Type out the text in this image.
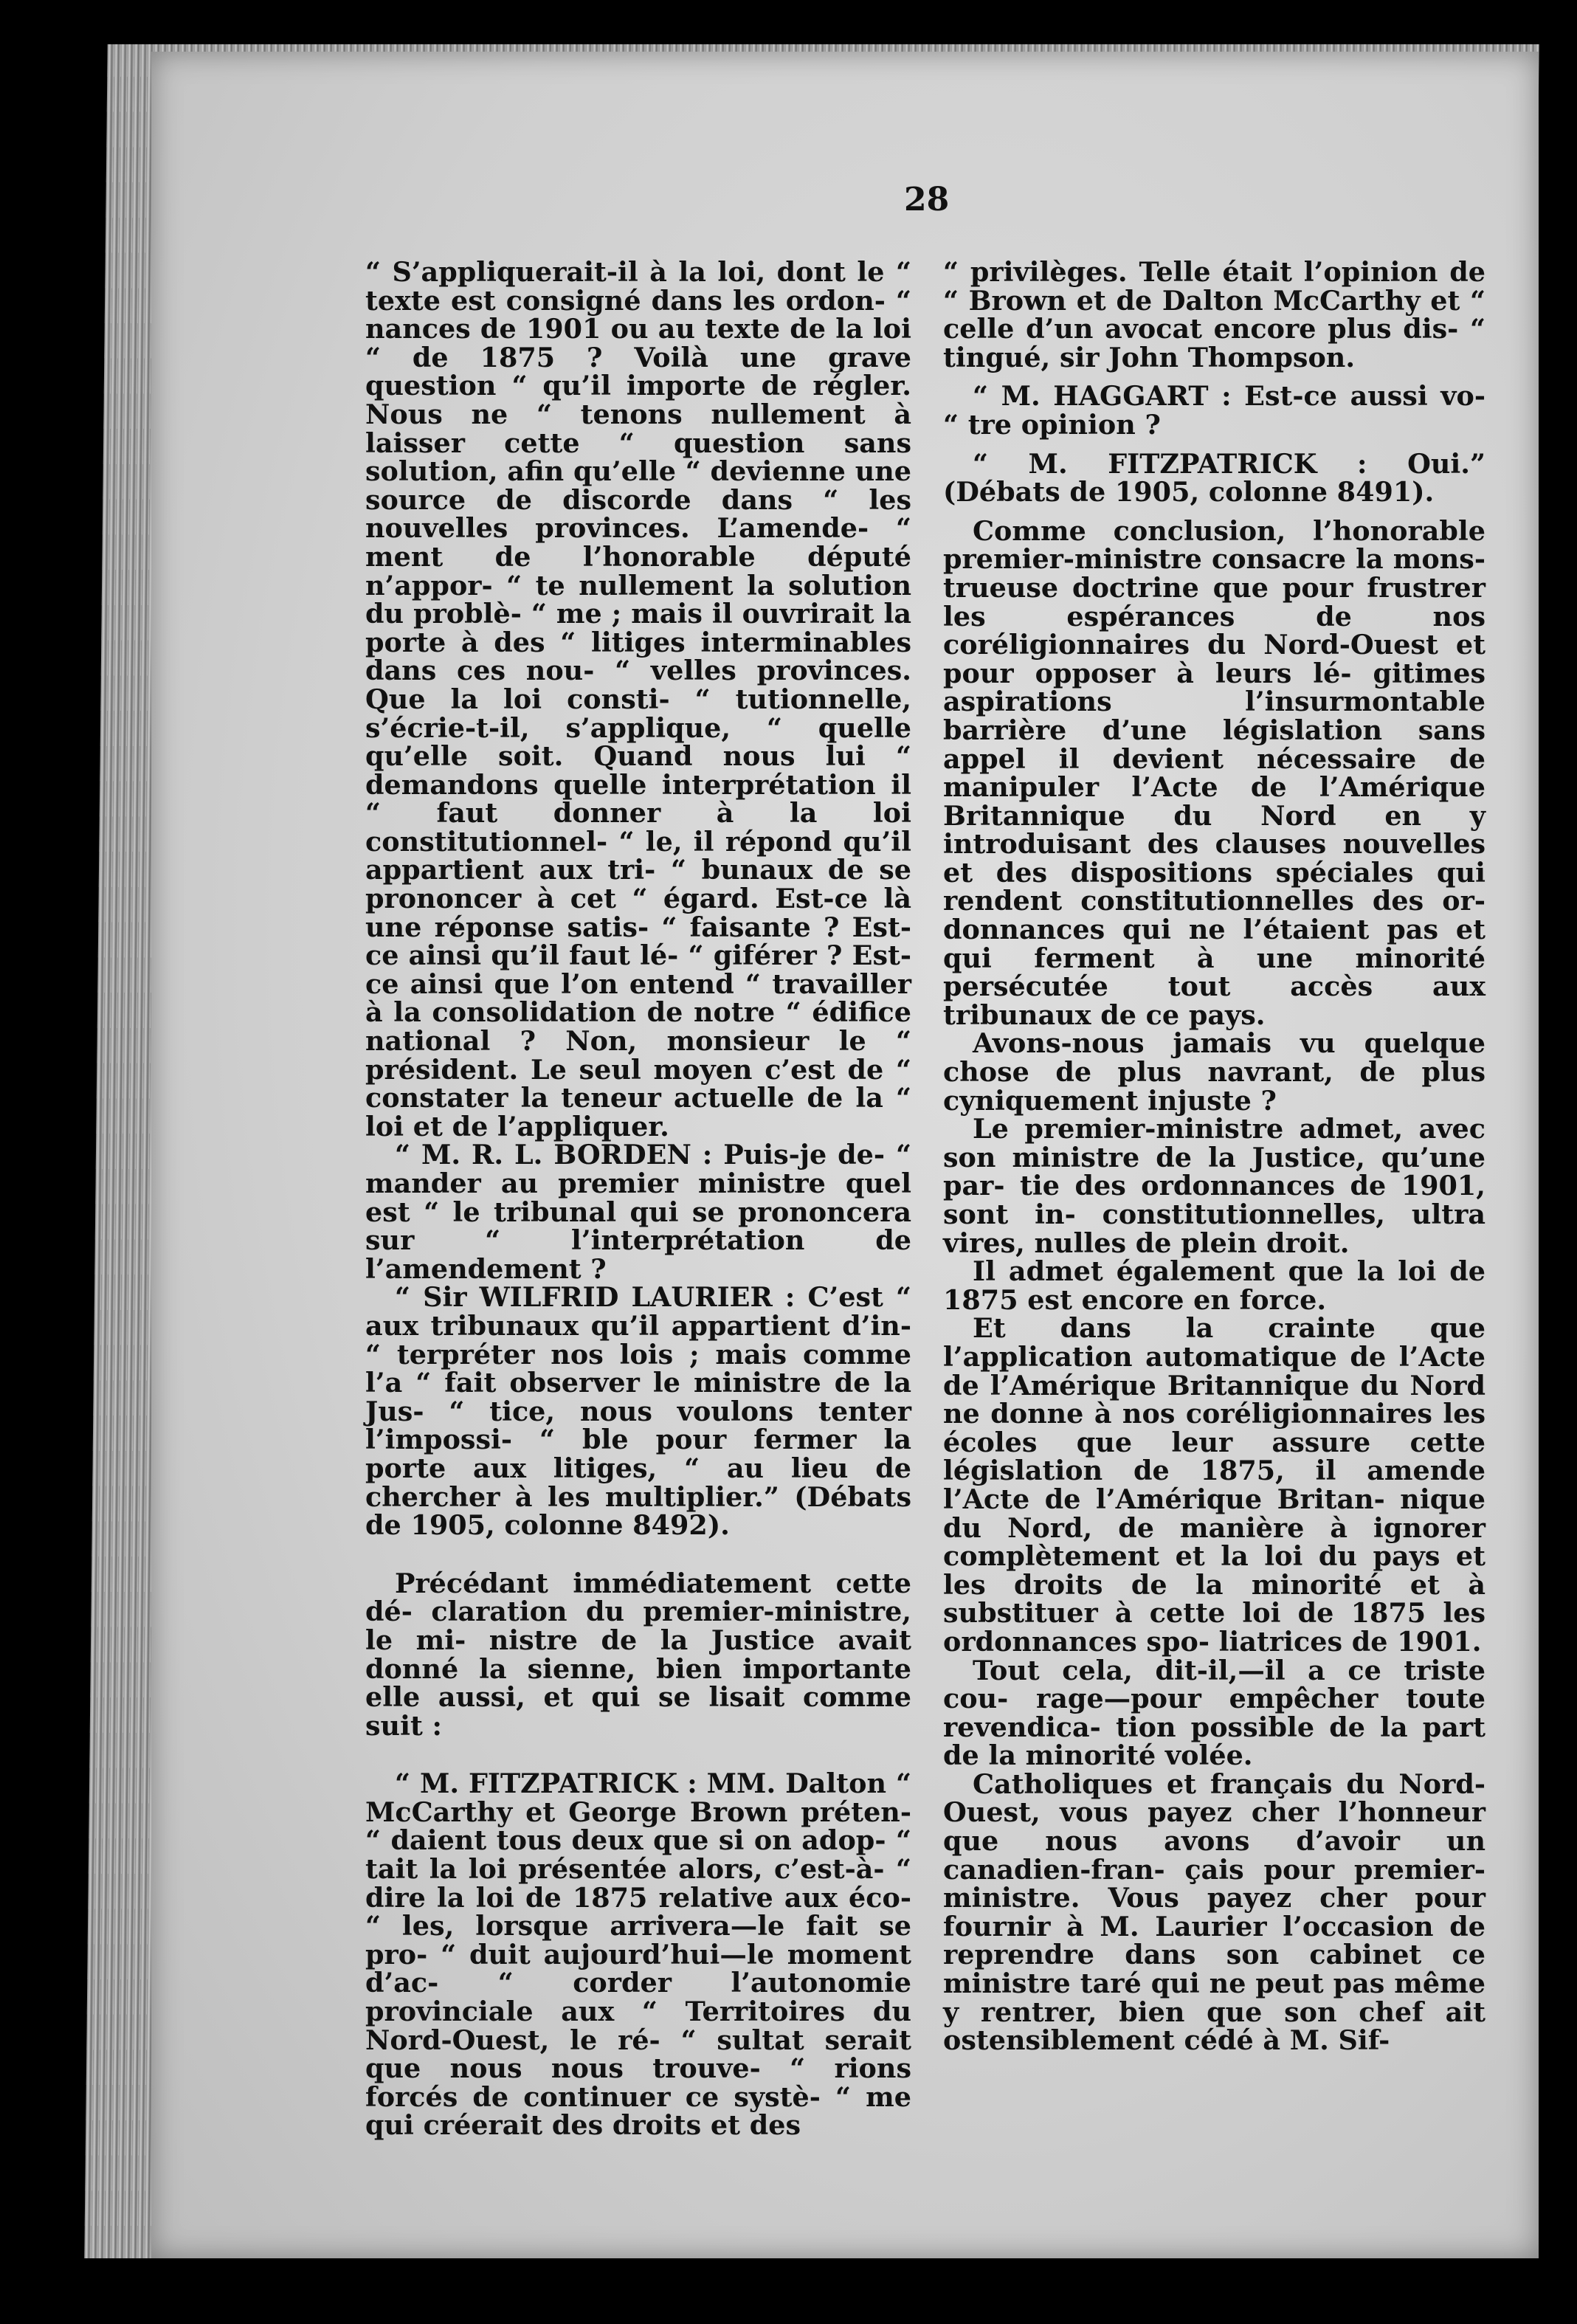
28

“ S’appliquerait-il à la loi, dont le “ texte est consigné dans les ordon- “ nances de 1901 ou au texte de la loi “ de 1875 ? Voilà une grave question “ qu’il importe de régler. Nous ne “ tenons nullement à laisser cette “ question sans solution, afin qu’elle “ devienne une source de discorde dans “ les nouvelles provinces. L’amende- “ ment de l’honorable député n’appor- “ te nullement la solution du problè- “ me ; mais il ouvrirait la porte à des “ litiges interminables dans ces nou- “ velles provinces. Que la loi consti- “ tutionnelle, s’écrie-t-il, s’applique, “ quelle qu’elle soit. Quand nous lui “ demandons quelle interprétation il “ faut donner à la loi constitutionnel- “ le, il répond qu’il appartient aux tri- “ bunaux de se prononcer à cet “ égard. Est-ce là une réponse satis- “ faisante ? Est-ce ainsi qu’il faut lé- “ giférer ? Est-ce ainsi que l’on entend “ travailler à la consolidation de notre “ édifice national ? Non, monsieur le “ président. Le seul moyen c’est de “ constater la teneur actuelle de la “ loi et de l’appliquer.

“ M. R. L. BORDEN : Puis-je de- “ mander au premier ministre quel est “ le tribunal qui se prononcera sur “ l’interprétation de l’amendement ?

“ Sir WILFRID LAURIER : C’est “ aux tribunaux qu’il appartient d’in- “ terpréter nos lois ; mais comme l’a “ fait observer le ministre de la Jus- “ tice, nous voulons tenter l’impossi- “ ble pour fermer la porte aux litiges, “ au lieu de chercher à les multiplier.” (Débats de 1905, colonne 8492).

Précédant immédiatement cette dé- claration du premier-ministre, le mi- nistre de la Justice avait donné la sienne, bien importante elle aussi, et qui se lisait comme suit :

“ M. FITZPATRICK : MM. Dalton “ McCarthy et George Brown préten- “ daient tous deux que si on adop- “ tait la loi présentée alors, c’est-à- “ dire la loi de 1875 relative aux éco- “ les, lorsque arrivera—le fait se pro- “ duit aujourd’hui—le moment d’ac- “ corder l’autonomie provinciale aux “ Territoires du Nord-Ouest, le ré- “ sultat serait que nous nous trouve- “ rions forcés de continuer ce systè- “ me qui créerait des droits et des

“ privilèges. Telle était l’opinion de “ Brown et de Dalton McCarthy et “ celle d’un avocat encore plus dis- “ tingué, sir John Thompson.

“ M. HAGGART : Est-ce aussi vo- “ tre opinion ?

“ M. FITZPATRICK : Oui.” (Débats de 1905, colonne 8491).

Comme conclusion, l’honorable premier-ministre consacre la mons- trueuse doctrine que pour frustrer les espérances de nos coréligionnaires du Nord-Ouest et pour opposer à leurs lé- gitimes aspirations l’insurmontable barrière d’une législation sans appel il devient nécessaire de manipuler l’Acte de l’Amérique Britannique du Nord en y introduisant des clauses nouvelles et des dispositions spéciales qui rendent constitutionnelles des or- donnances qui ne l’étaient pas et qui ferment à une minorité persécutée tout accès aux tribunaux de ce pays.

Avons-nous jamais vu quelque chose de plus navrant, de plus cyniquement injuste ?

Le premier-ministre admet, avec son ministre de la Justice, qu’une par- tie des ordonnances de 1901, sont in- constitutionnelles, ultra vires, nulles de plein droit.

Il admet également que la loi de 1875 est encore en force.

Et dans la crainte que l’application automatique de l’Acte de l’Amérique Britannique du Nord ne donne à nos coréligionnaires les écoles que leur assure cette législation de 1875, il amende l’Acte de l’Amérique Britan- nique du Nord, de manière à ignorer complètement et la loi du pays et les droits de la minorité et à substituer à cette loi de 1875 les ordonnances spo- liatrices de 1901.

Tout cela, dit-il,—il a ce triste cou- rage—pour empêcher toute revendica- tion possible de la part de la minorité volée.

Catholiques et français du Nord- Ouest, vous payez cher l’honneur que nous avons d’avoir un canadien-fran- çais pour premier-ministre. Vous payez cher pour fournir à M. Laurier l’occasion de reprendre dans son cabinet ce ministre taré qui ne peut pas même y rentrer, bien que son chef ait ostensiblement cédé à M. Sif-
